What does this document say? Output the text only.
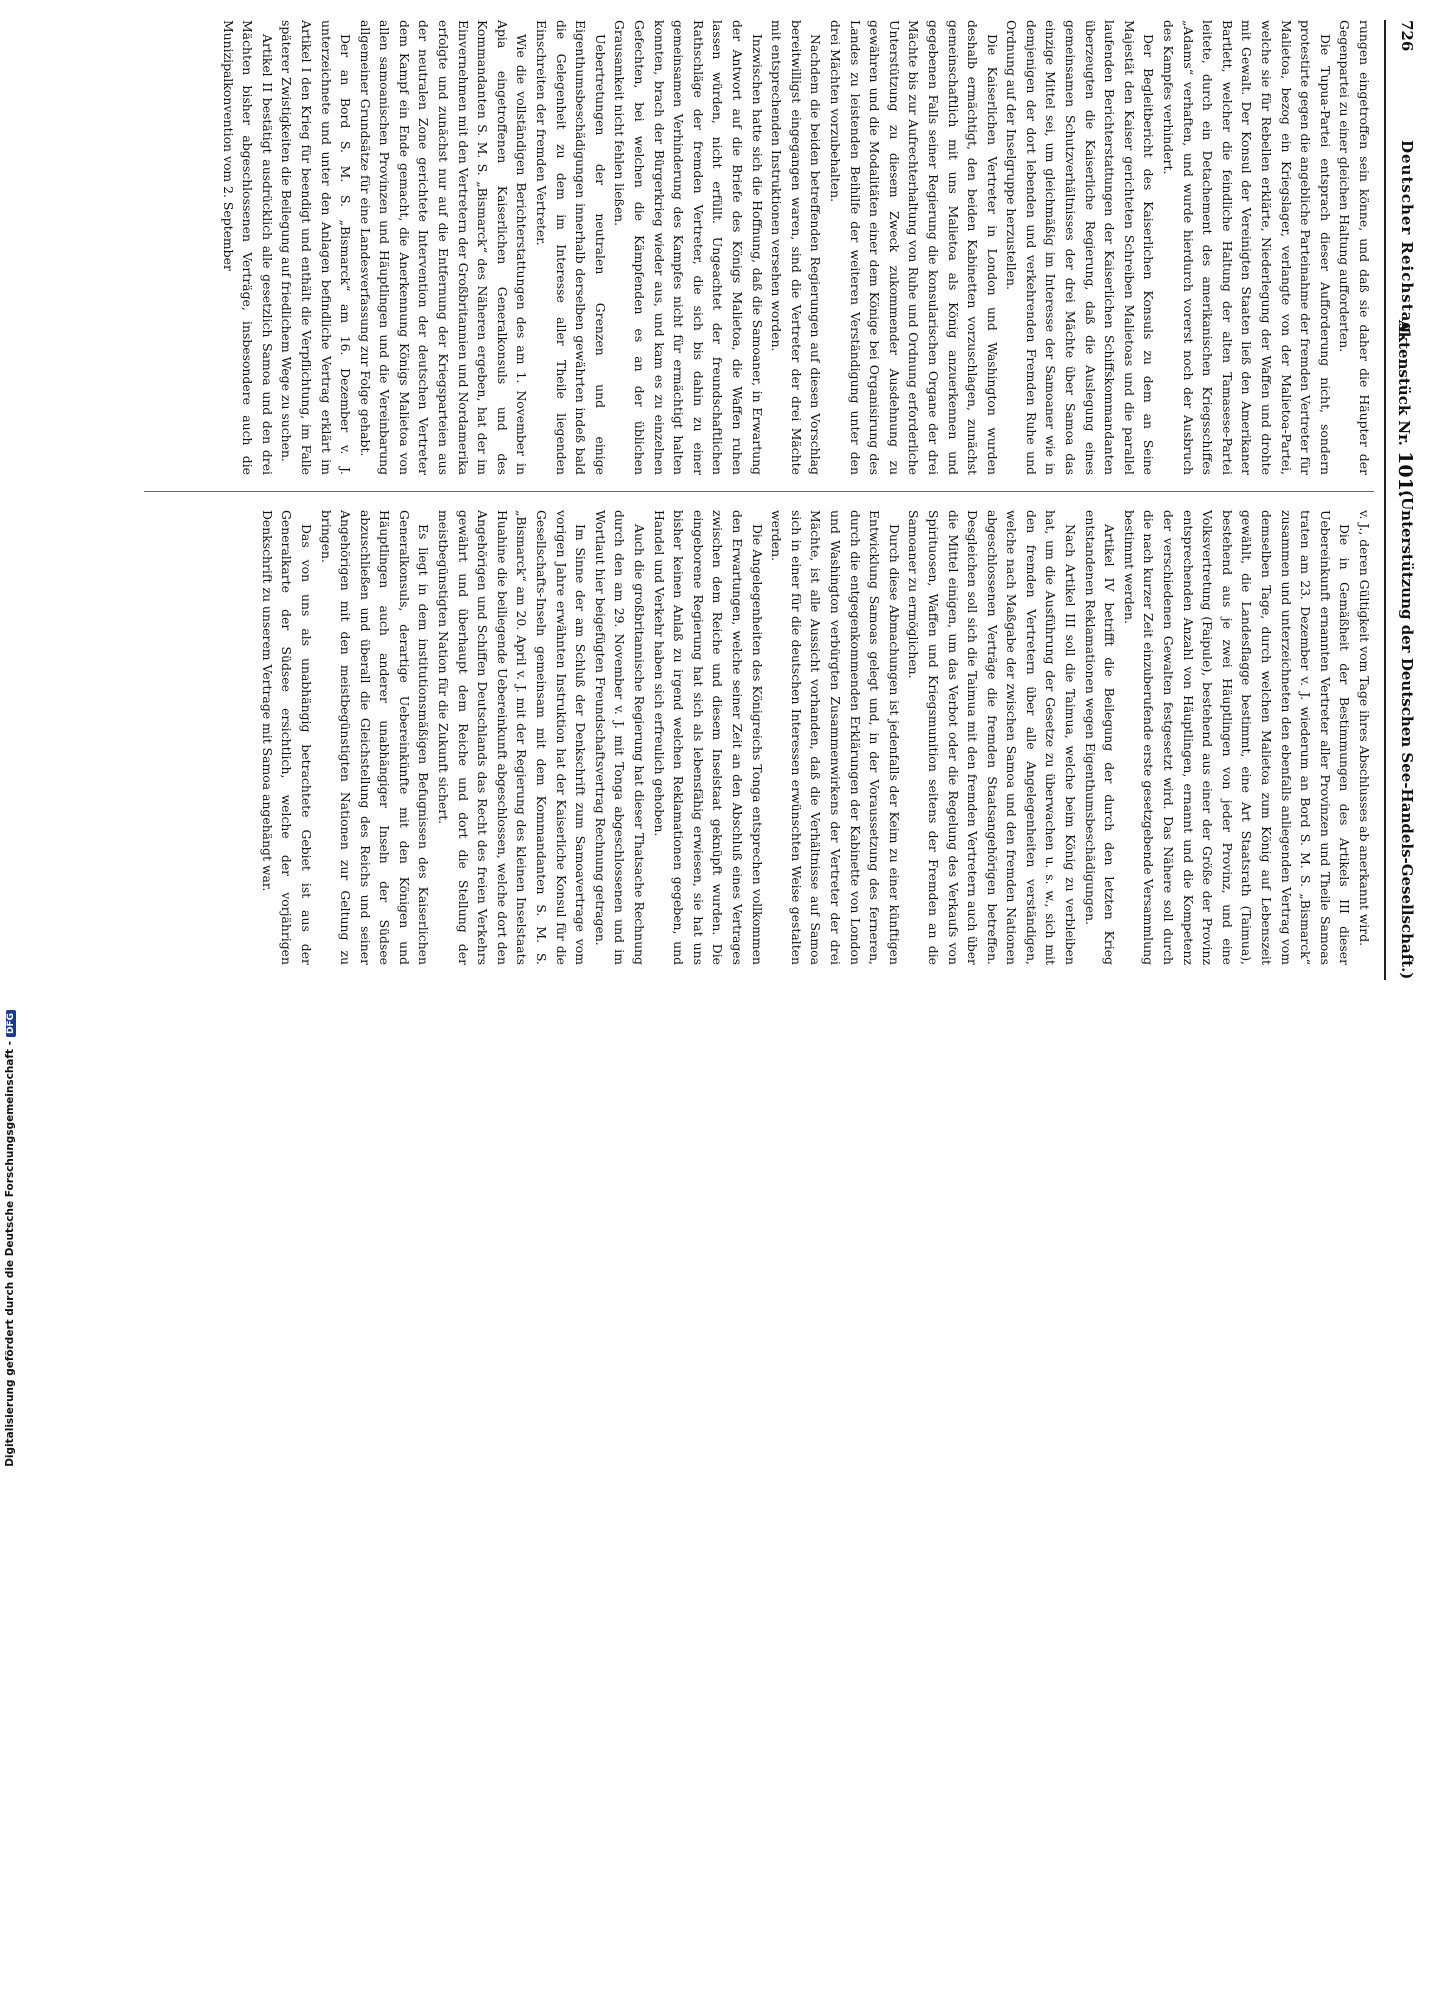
726
Deutscher Reichstag.
Aktenstück Nr. 101.
(Unterstützung der Deutschen See-Handels-Gesellschaft.)

rungen eingetroffen sein könne, und daß sie daher die Häupter der Gegenpartei zu einer gleichen Haltung aufforderten.

Die Tupua-Partei entsprach dieser Aufforderung nicht, sondern protestirte gegen die angebliche Parteinahme der fremden Vertreter für Malietoa, bezog ein Kriegslager, verlangte von der Malietoa-Partei, welche sie für Rebellen erklärte, Niederlegung der Waffen und drohte mit Gewalt. Der Konsul der Vereinigten Staaten ließ den Amerikaner Bartlett, welcher die feindliche Haltung der alten Tamasese-Partei leitete, durch ein Detachement des amerikanischen Kriegsschiffes „Adams“ verhaften, und wurde hierdurch vorerst noch der Ausbruch des Kampfes verhindert.

Der Begleitbericht des Kaiserlichen Konsuls zu dem an Seine Majestät den Kaiser gerichteten Schreiben Malietoas und die parallel laufenden Berichterstattungen der Kaiserlichen Schiffskommandanten überzeugten die Kaiserliche Regierung, daß die Auslegung eines gemeinsamen Schutzverhältnisses der drei Mächte über Samoa das einzige Mittel sei, um gleichmäßig im Interesse der Samoaner wie in demjenigen der dort lebenden und verkehrenden Fremden Ruhe und Ordnung auf der Inselgruppe herzustellen.

Die Kaiserlichen Vertreter in London und Washington wurden deshalb ermächtigt, den beiden Kabinetten vorzuschlagen, zunächst gemeinschaftlich mit uns Malietoa als König anzuerkennen und gegebenen Falls seiner Regierung die konsularischen Organe der drei Mächte bis zur Aufrechterhaltung von Ruhe und Ordnung erforderliche Unterstützung zu diesem Zweck zukommender Ausdehnung zu gewähren und die Modalitäten einer dem Könige bei Organisirung des Landes zu leistenden Beihilfe der weiteren Verständigung unter den drei Mächten vorzubehalten.

Nachdem die beiden betreffenden Regierungen auf diesen Vorschlag bereitwilligst eingegangen waren, sind die Vertreter der drei Mächte mit entsprechenden Instruktionen versehen worden.

Inzwischen hatte sich die Hoffnung, daß die Samoaner, in Erwartung der Antwort auf die Briefe des Königs Malietoa, die Waffen ruhen lassen würden, nicht erfüllt. Ungeachtet der freundschaftlichen Rathschläge der fremden Vertreter, die sich bis dahin zu einer gemeinsamen Verhinderung des Kampfes nicht für ermächtigt halten konnten, brach der Bürgerkrieg wieder aus, und kam es zu einzelnen Gefechten, bei welchen die Kämpfenden es an der üblichen Grausamkeit nicht fehlen ließen.

Uebertretungen der neutralen Grenzen und einige Eigenthumsbeschädigungen innerhalb derselben gewährten indeß bald die Gelegenheit zu dem im Interesse aller Theile liegenden Einschreiten der fremden Vertreter.

Wie die vollständigen Berichterstattungen des am 1. November in Apia eingetroffenen Kaiserlichen Generalkonsuls und des Kommandanten S. M. S. „Bismarck“ des Näheren ergeben, hat der im Einvernehmen mit den Vertretern der Großbritannien und Nordamerika erfolgte und zunächst nur auf die Entfernung der Kriegsparteien aus der neutralen Zone gerichtete Intervention der deutschen Vertreter dem Kampf ein Ende gemacht, die Anerkennung Königs Malietoa von allen samoanischen Provinzen und Häuptlingen und die Vereinbarung allgemeiner Grundsätze für eine Landesverfassung zur Folge gehabt.

Der an Bord S. M. S. „Bismarck“ am 16. Dezember v. J. unterzeichnete und unter den Anlagen befindliche Vertrag erklärt im Artikel I den Krieg für beendigt und enthält die Verpflichtung, im Falle späterer Zwistigkeiten die Beilegung auf friedlichem Wege zu suchen.

Artikel II bestätigt ausdrücklich alle gesetzlich Samoa und den drei Mächten bisher abgeschlossenen Verträge, insbesondere auch die Munizipalkonvention vom 2. September

v. J., deren Gültigkeit vom Tage ihres Abschlusses ab anerkannt wird.

Die in Gemäßheit der Bestimmungen des Artikels III dieser Uebereinkunft ernannten Vertreter aller Provinzen und Theile Samoas traten am 23. Dezember v. J. wiederum an Bord S. M. S. „Bismarck“ zusammen und unterzeichneten den ebenfalls anliegenden Vertrag vom demselben Tage, durch welchen Malietoa zum König auf Lebenszeit gewählt, die Landesflagge bestimmt, eine Art Staatsrath (Taimua), bestehend aus je zwei Häuptlingen von jeder Provinz, und eine Volksvertretung (Faipule), bestehend aus einer der Größe der Provinz entsprechenden Anzahl von Häuptlingen, ernannt und die Kompetenz der verschiedenen Gewalten festgesetzt wird. Das Nähere soll durch die nach kurzer Zeit einzuberufende erste gesetzgebende Versammlung bestimmt werden.

Artikel IV betrifft die Beilegung der durch den letzten Krieg entstandenen Reklamationen wegen Eigenthumsbeschädigungen.

Nach Artikel III soll die Taimua, welche beim König zu verbleiben hat, um die Ausführung der Gesetze zu überwachen u. s. w., sich mit den fremden Vertretern über alle Angelegenheiten verständigen, welche nach Maßgabe der zwischen Samoa und den fremden Nationen abgeschlossenen Verträge die fremden Staatsangehörigen betreffen. Desgleichen soll sich die Taimua mit den fremden Vertretern auch über die Mittel einigen, um das Verbot oder die Regelung des Verkaufs von Spirituosen, Waffen und Kriegsmunition seitens der Fremden an die Samoaner zu ermöglichen.

Durch diese Abmachungen ist jedenfalls der Keim zu einer künftigen Entwicklung Samoas gelegt und, in der Voraussetzung des ferneren, durch die entgegenkommenden Erklärungen der Kabinette von London und Washington verbürgten Zusammenwirkens der Vertreter der drei Mächte, ist alle Aussicht vorhanden, daß die Verhältnisse auf Samoa sich in einer für die deutschen Interessen erwünschten Weise gestalten werden.

Die Angelegenheiten des Königreichs Tonga entsprechen vollkommen den Erwartungen, welche seiner Zeit an den Abschluß eines Vertrages zwischen dem Reiche und diesem Inselstaat geknüpft wurden. Die eingeborene Regierung hat sich als lebensfähig erwiesen, sie hat uns bisher keinen Anlaß zu irgend welchen Reklamationen gegeben, und Handel und Verkehr haben sich erfreulich gehoben.

Auch die großbritannische Regierung hat dieser Thatsache Rechnung durch den am 29. November v. J. mit Tonga abgeschlossenen und im Wortlaut hier beigefügten Freundschaftsvertrag Rechnung getragen.

Im Sinne der am Schluß der Denkschrift zum Samoavertrage vom vorigen Jahre erwähnten Instruktion hat der Kaiserliche Konsul für die Gesellschafts-Inseln gemeinsam mit dem Kommandanten S. M. S. „Bismarck“ am 20. April v. J. mit der Regierung des kleinen Inselstaats Huahine die beiliegende Uebereinkunft abgeschlossen, welche dort den Angehörigen und Schiffen Deutschlands das Recht des freien Verkehrs gewährt und überhaupt dem Reiche und dort die Stellung der meistbegünstigten Nation für die Zukunft sichert.

Es liegt in dem institutionsmäßigen Befugnissen des Kaiserlichen Generalkonsuls, derartige Uebereinkünfte mit den Königen und Häuptlingen auch anderer unabhängiger Inseln der Südsee abzuschließen und überall die Gleichstellung des Reichs und seiner Angehörigen mit den meistbegünstigten Nationen zur Geltung zu bringen.

Das von uns als unabhängig betrachtete Gebiet ist aus der Generalkarte der Südsee ersichtlich, welche der vorjährigen Denkschrift zu unserem Vertrage mit Samoa angehängt war.

Digitalisierung gefördert durch die Deutsche Forschungsgemeinschaft -DFG
